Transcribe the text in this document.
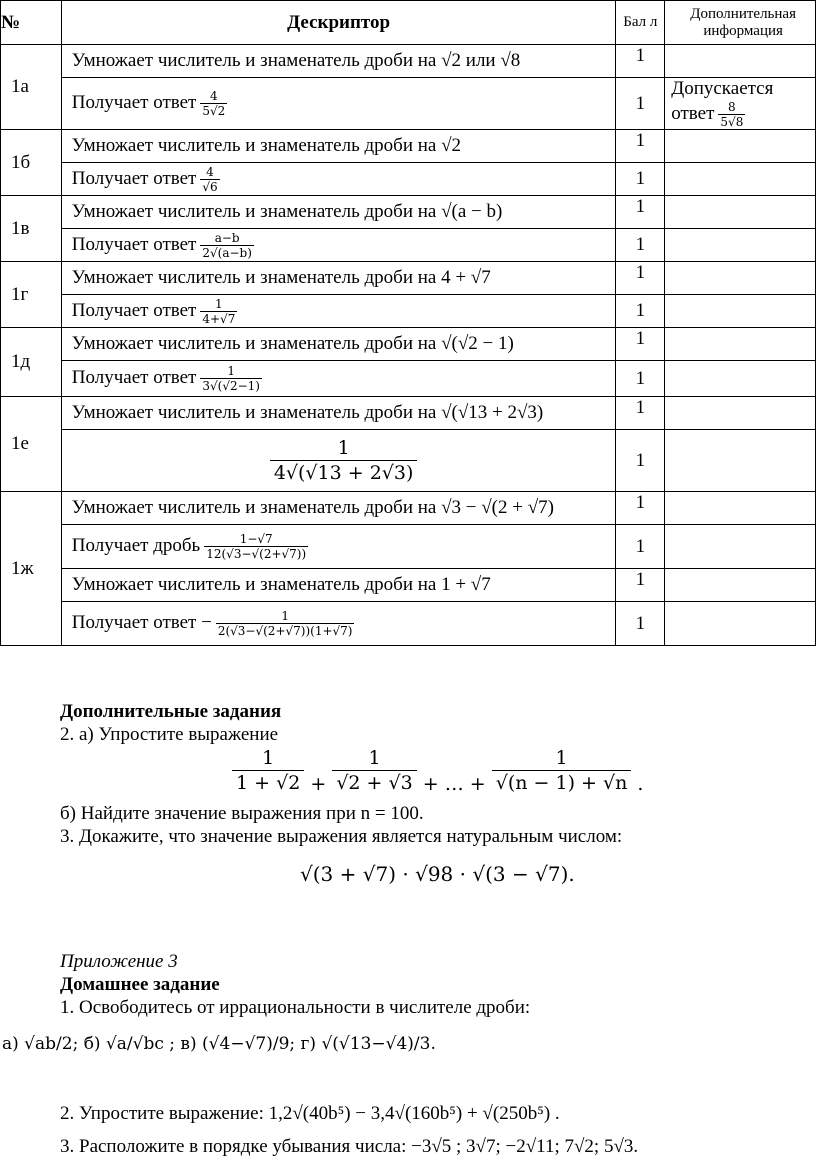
№	Дескриптор	Бал л	Дополнительная информация
1а	Умножает числитель и знаменатель дроби на √2 или √8	1	
	Получает ответ $\frac{4}{5√2}$	1	Допускается ответ $\frac{8}{5√8}$

1б	Умножает числитель и знаменатель дроби на √2	1	
	Получает ответ $\frac{4}{√6}$	1	
1в	Умножает числитель и знаменатель дроби на √(a − b)	1	
	Получает ответ $\frac{a-b}{2√(a-b)}$	1	
1г	Умножает числитель и знаменатель дроби на 4 + √7	1	
	Получает ответ $\frac{1}{4+√7}$	1	
1д	Умножает числитель и знаменатель дроби на √(√2 − 1)	1	
	Получает ответ $\frac{1}{3√(√2-1)}$	1	
1е	Умножает числитель и знаменатель дроби на √(√13 + 2√3)	1	

	$\frac{1}{4√(√13 + 2√3)}$	1	
1ж	Умножает числитель и знаменатель дроби на √3 − √(2 + √7)	1	
	Получает дробь $\frac{1-√7}{12(√3-√(2+√7))}$	1	
	Умножает числитель и знаменатель дроби на 1 + √7	1	
	Получает ответ − $\frac{1}{2(√3-√(2+√7))(1+√7)}$	1	
Дополнительные задания
2. а) Упростите выражение
$\frac{1}{1 + √2} + \frac{1}{√2 + √3}$ + … + $\frac{1}{√(n - 1) + √n}$ .
б) Найдите значение выражения при n = 100.
3. Докажите, что значение выражения является натуральным числом:
√(3 + √7) · √98 · √(3 − √7).
Приложение 3
Домашнее задание
1. Освободитесь от иррациональности в числителе дроби:
а) √ab/2; б) √a/√bc ; в) (√4−√7)/9; г) √(√13−√4)/3.
2. Упростите выражение: 1,2√(40b⁵) − 3,4√(160b⁵) + √(250b⁵) .
3. Расположите в порядке убывания числа: −3√5 ; 3√7; −2√11; 7√2; 5√3.
